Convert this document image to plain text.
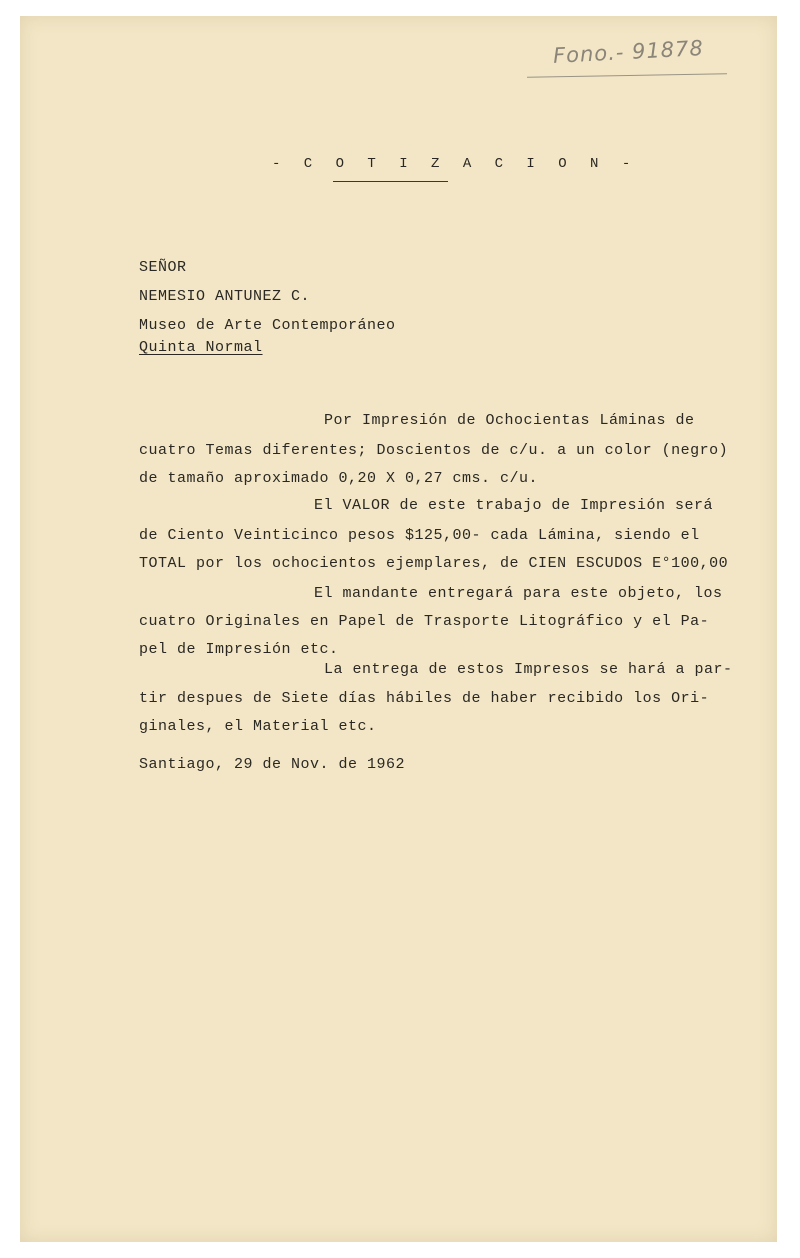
Fono.- 91878
- C O T I Z A C I O N -
SEÑOR
NEMESIO ANTUNEZ C.
Museo de Arte Contemporáneo
Quinta Normal
Por Impresión de Ochocientas Láminas de
cuatro Temas diferentes; Doscientos de c/u. a un color (negro)
de tamaño aproximado 0,20 X 0,27 cms. c/u.
El VALOR de este trabajo de Impresión será
de Ciento Veinticinco pesos $125,00- cada Lámina, siendo el
TOTAL por los ochocientos ejemplares, de CIEN ESCUDOS E°100,00
El mandante entregará para este objeto, los
cuatro Originales en Papel de Trasporte Litográfico y el Pa-
pel de Impresión etc.
La entrega de estos Impresos se hará a par-
tir despues de Siete días hábiles de haber recibido los Ori-
ginales, el Material etc.
Santiago, 29 de Nov. de 1962
